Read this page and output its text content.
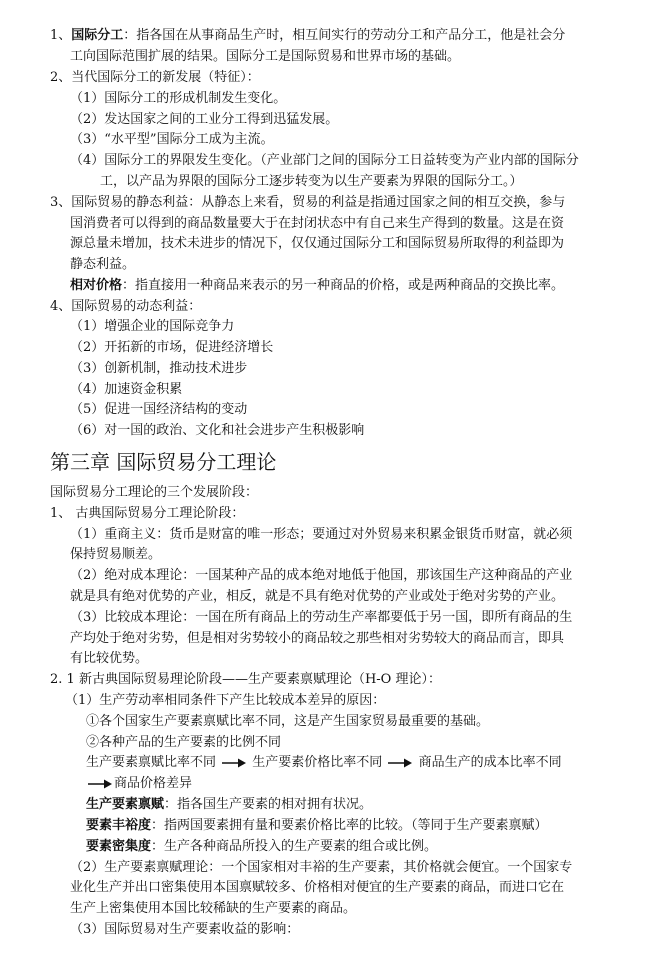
1、国际分工：指各国在从事商品生产时，相互间实行的劳动分工和产品分工，他是社会分
工向国际范围扩展的结果。国际分工是国际贸易和世界市场的基础。
2、当代国际分工的新发展（特征）：
（1）国际分工的形成机制发生变化。
（2）发达国家之间的工业分工得到迅猛发展。
（3）“水平型”国际分工成为主流。
（4）国际分工的界限发生变化。（产业部门之间的国际分工日益转变为产业内部的国际分
工，以产品为界限的国际分工逐步转变为以生产要素为界限的国际分工。）
3、国际贸易的静态利益：从静态上来看，贸易的利益是指通过国家之间的相互交换，参与
国消费者可以得到的商品数量要大于在封闭状态中有自己来生产得到的数量。这是在资
源总量未增加，技术未进步的情况下，仅仅通过国际分工和国际贸易所取得的利益即为
静态利益。
相对价格：指直接用一种商品来表示的另一种商品的价格，或是两种商品的交换比率。
4、国际贸易的动态利益：
（1）增强企业的国际竞争力
（2）开拓新的市场，促进经济增长
（3）创新机制，推动技术进步
（4）加速资金积累
（5）促进一国经济结构的变动
（6）对一国的政治、文化和社会进步产生积极影响
第三章 国际贸易分工理论
国际贸易分工理论的三个发展阶段：
1、 古典国际贸易分工理论阶段：
（1）重商主义：货币是财富的唯一形态；要通过对外贸易来积累金银货币财富，就必须
保持贸易顺差。
（2）绝对成本理论：一国某种产品的成本绝对地低于他国，那该国生产这种商品的产业
就是具有绝对优势的产业，相反，就是不具有绝对优势的产业或处于绝对劣势的产业。
（3）比较成本理论：一国在所有商品上的劳动生产率都要低于另一国，即所有商品的生
产均处于绝对劣势，但是相对劣势较小的商品较之那些相对劣势较大的商品而言，即具
有比较优势。
2. 1 新古典国际贸易理论阶段——生产要素禀赋理论（H-O 理论）：
（1）生产劳动率相同条件下产生比较成本差异的原因：
①各个国家生产要素禀赋比率不同，这是产生国家贸易最重要的基础。
②各种产品的生产要素的比例不同
生产要素禀赋比率不同	生产要素价格比率不同	商品生产的成本比率不同
商品价格差异
生产要素禀赋：指各国生产要素的相对拥有状况。
要素丰裕度：指两国要素拥有量和要素价格比率的比较。（等同于生产要素禀赋）
要素密集度：生产各种商品所投入的生产要素的组合或比例。
（2）生产要素禀赋理论：一个国家相对丰裕的生产要素，其价格就会便宜。一个国家专
业化生产并出口密集使用本国禀赋较多、价格相对便宜的生产要素的商品，而进口它在
生产上密集使用本国比较稀缺的生产要素的商品。
（3）国际贸易对生产要素收益的影响：
